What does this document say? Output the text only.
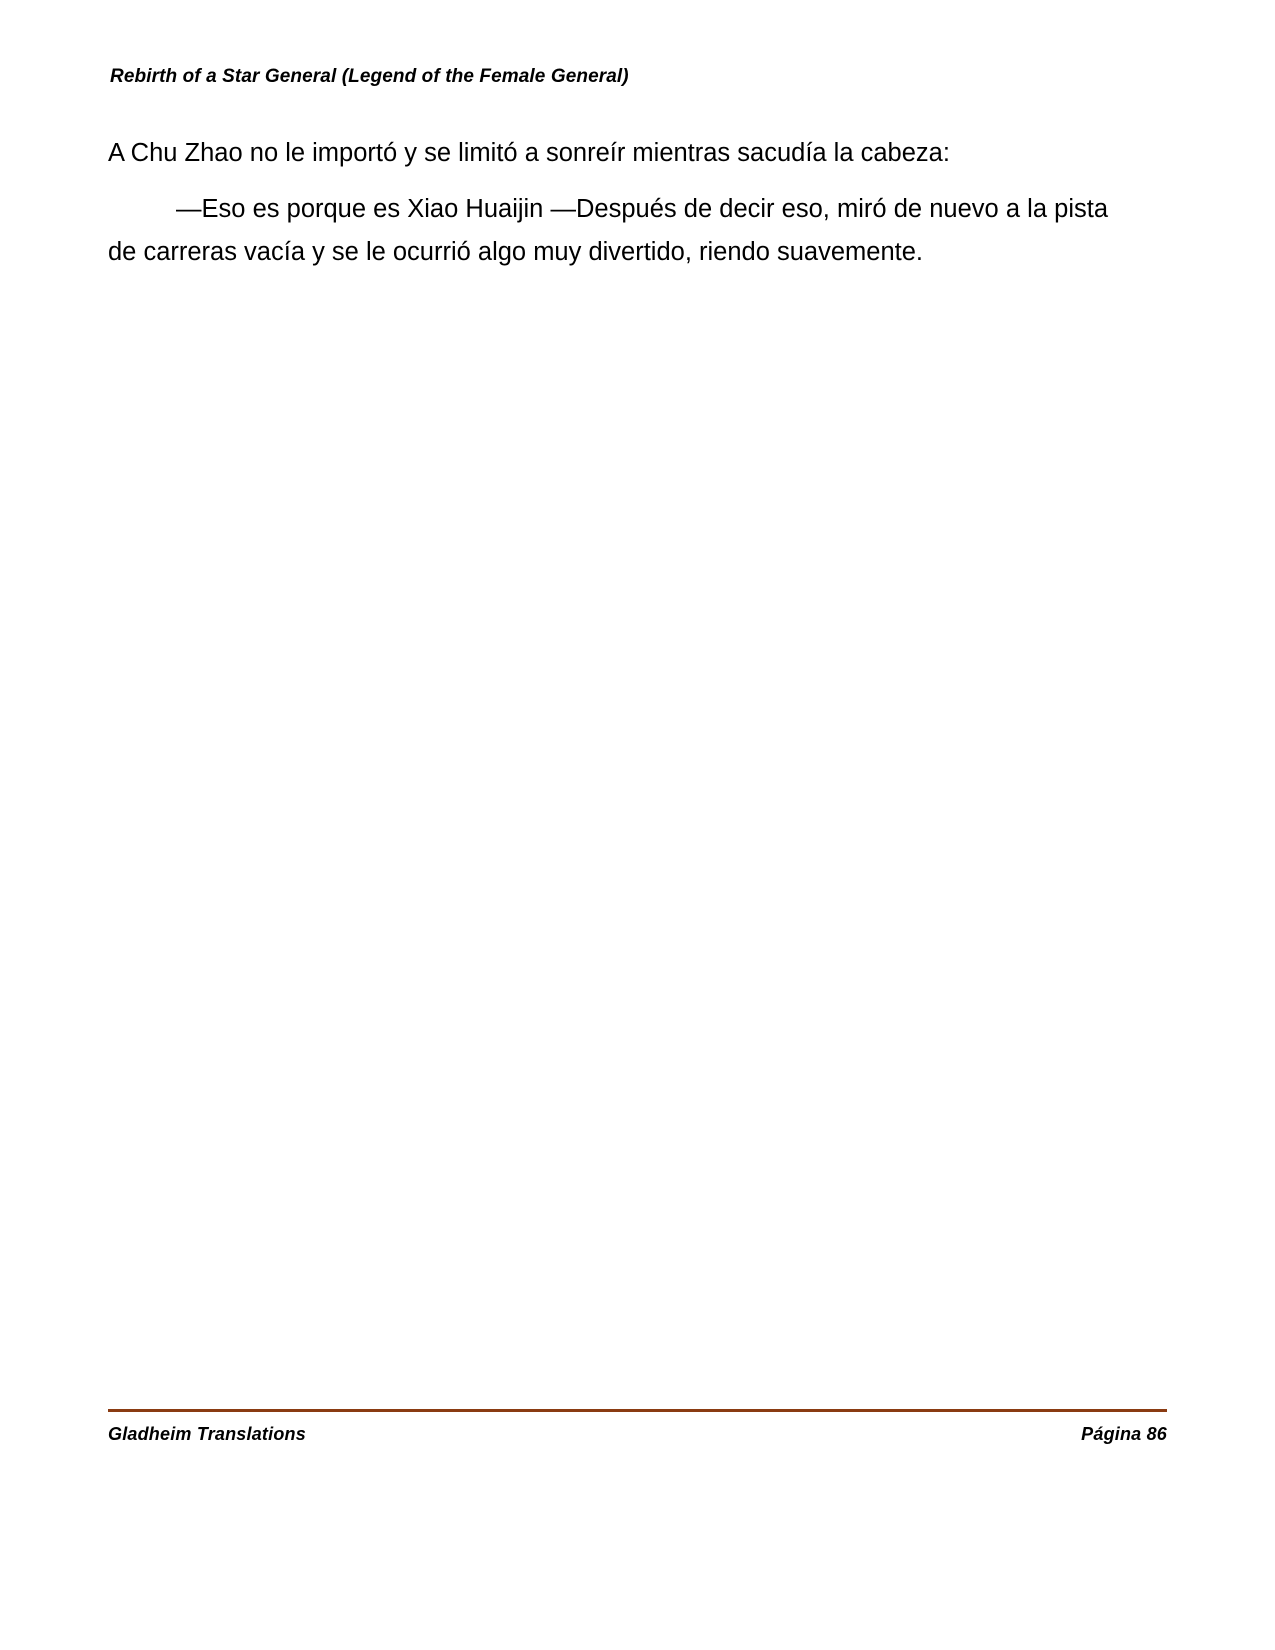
Rebirth of a Star General (Legend of the Female General)

A Chu Zhao no le importó y se limitó a sonreír mientras sacudía la cabeza:

—Eso es porque es Xiao Huaijin —Después de decir eso, miró de nuevo a la pista de carreras vacía y se le ocurrió algo muy divertido, riendo suavemente.

Gladheim Translations	Página 86
